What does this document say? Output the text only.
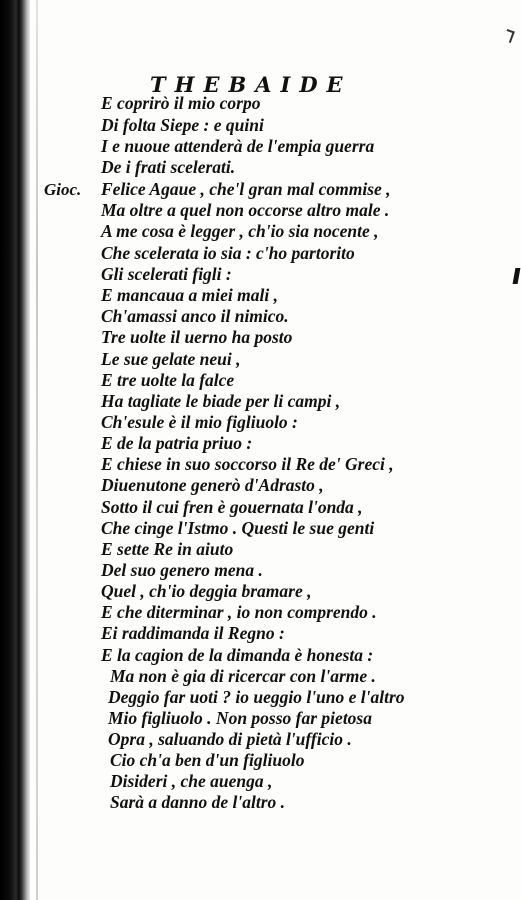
THEBAIDE
Gioc.
E coprirò il mio corpo
Di folta Siepe : e quini
I e nuoue attenderà de l'empia guerra
De i frati scelerati.
Felice Agaue , che'l gran mal commise ,
Ma oltre a quel non occorse altro male .
A me cosa è legger , ch'io sia nocente ,
Che scelerata io sia : c'ho partorito
Gli scelerati figli :
E mancaua a miei mali ,
Ch'amassi anco il nimico.
Tre uolte il uerno ha posto
Le sue gelate neui ,
E tre uolte la falce
Ha tagliate le biade per li campi ,
Ch'esule è il mio figliuolo :
E de la patria priuo :
E chiese in suo soccorso il Re de' Greci ,
Diuenutone generò d'Adrasto ,
Sotto il cui fren è gouernata l'onda ,
Che cinge l'Istmo . Questi le sue genti
E sette Re in aiuto
Del suo genero mena .
Quel , ch'io deggia bramare ,
E che diterminar , io non comprendo .
Ei raddimanda il Regno :
E la cagion de la dimanda è honesta :
Ma non è gia di ricercar con l'arme .
Deggio far uoti ? io ueggio l'uno e l'altro
Mio figliuolo . Non posso far pietosa
Opra , saluando di pietà l'ufficio .
Cio ch'a ben d'un figliuolo
Disideri , che auenga ,
Sarà a danno de l'altro .
